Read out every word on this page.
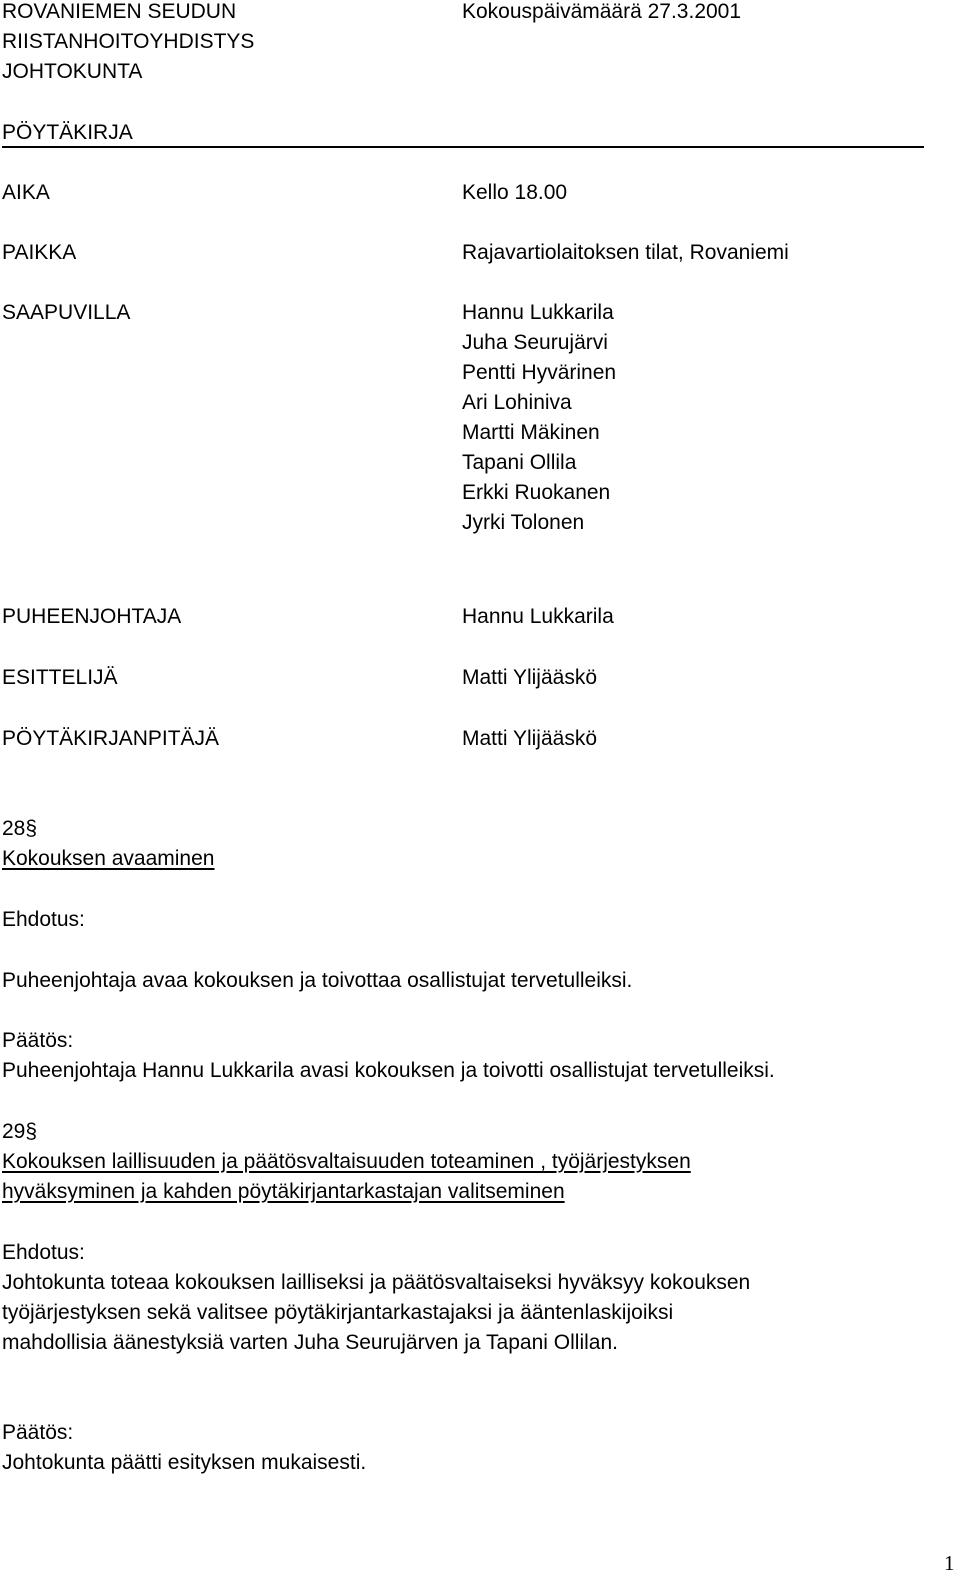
ROVANIEMEN SEUDUN
RIISTANHOITOYHDISTYS
JOHTOKUNTA
Kokouspäivämäärä 27.3.2001
PÖYTÄKIRJA
AIKA	Kello 18.00
PAIKKA	Rajavartiolaitoksen tilat, Rovaniemi
SAAPUVILLA	Hannu Lukkarila
Juha Seurujärvi
Pentti Hyvärinen
Ari Lohiniva
Martti Mäkinen
Tapani Ollila
Erkki Ruokanen
Jyrki Tolonen
PUHEENJOHTAJA	Hannu Lukkarila
ESITTELIJÄ	Matti Ylijääskö
PÖYTÄKIRJANPITÄJÄ	Matti Ylijääskö
28§
Kokouksen avaaminen
Ehdotus:
Puheenjohtaja avaa kokouksen ja toivottaa osallistujat tervetulleiksi.
Päätös:
Puheenjohtaja Hannu Lukkarila avasi kokouksen ja toivotti osallistujat tervetulleiksi.
29§
Kokouksen laillisuuden ja päätösvaltaisuuden toteaminen , työjärjestyksen
hyväksyminen ja kahden pöytäkirjantarkastajan valitseminen
Ehdotus:
Johtokunta toteaa kokouksen lailliseksi ja päätösvaltaiseksi hyväksyy kokouksen
työjärjestyksen sekä valitsee pöytäkirjantarkastajaksi ja ääntenlaskijoiksi
mahdollisia äänestyksiä varten Juha Seurujärven ja Tapani Ollilan.
Päätös:
Johtokunta päätti esityksen mukaisesti.
1
